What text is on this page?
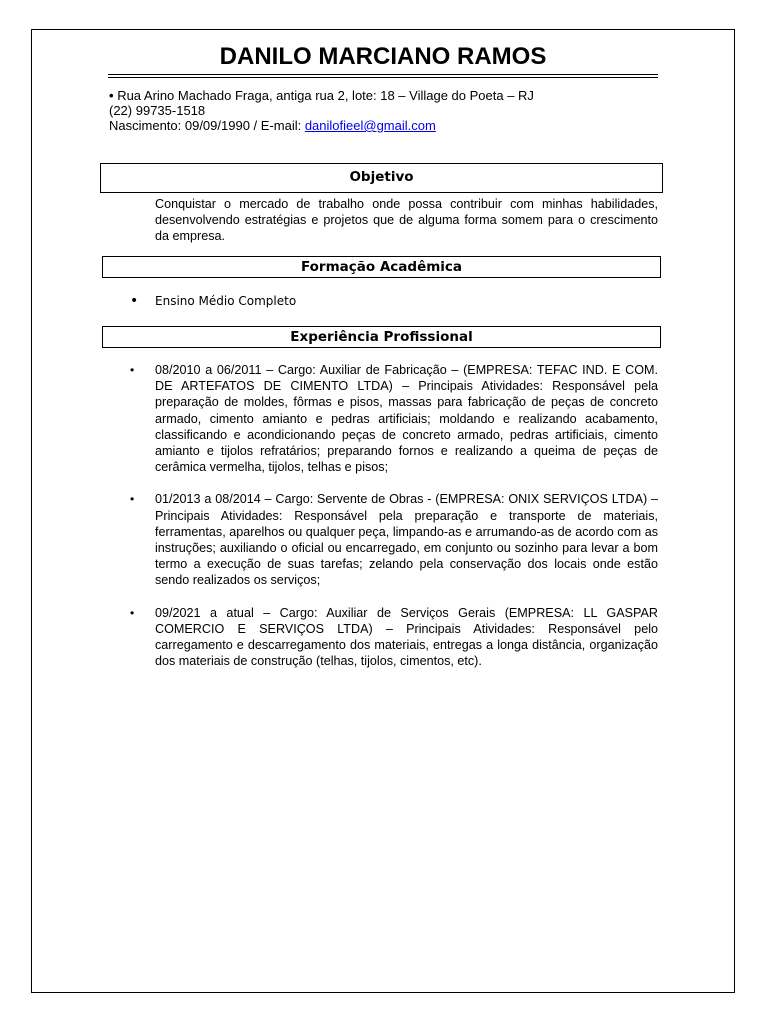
DANILO MARCIANO RAMOS
• Rua Arino Machado Fraga, antiga rua 2, lote: 18 – Village do Poeta – RJ
(22) 99735-1518
Nascimento: 09/09/1990 / E-mail: danilofieel@gmail.com
Objetivo
Conquistar o mercado de trabalho onde possa contribuir com minhas habilidades, desenvolvendo estratégias e projetos que de alguma forma somem para o crescimento da empresa.
Formação Acadêmica
• Ensino Médio Completo
Experiência Profissional
• 08/2010 a 06/2011 – Cargo: Auxiliar de Fabricação – (EMPRESA: TEFAC IND. E COM. DE ARTEFATOS DE CIMENTO LTDA) – Principais Atividades: Responsável pela preparação de moldes, fôrmas e pisos, massas para fabricação de peças de concreto armado, cimento amianto e pedras artificiais; moldando e realizando acabamento, classificando e acondicionando peças de concreto armado, pedras artificiais, cimento amianto e tijolos refratários; preparando fornos e realizando a queima de peças de cerâmica vermelha, tijolos, telhas e pisos;
• 01/2013 a 08/2014 – Cargo: Servente de Obras - (EMPRESA: ONIX SERVIÇOS LTDA) – Principais Atividades: Responsável pela preparação e transporte de materiais, ferramentas, aparelhos ou qualquer peça, limpando-as e arrumando-as de acordo com as instruções; auxiliando o oficial ou encarregado, em conjunto ou sozinho para levar a bom termo a execução de suas tarefas; zelando pela conservação dos locais onde estão sendo realizados os serviços;
• 09/2021 a atual – Cargo: Auxiliar de Serviços Gerais (EMPRESA: LL GASPAR COMERCIO E SERVIÇOS LTDA) – Principais Atividades: Responsável pelo carregamento e descarregamento dos materiais, entregas a longa distância, organização dos materiais de construção (telhas, tijolos, cimentos, etc).
